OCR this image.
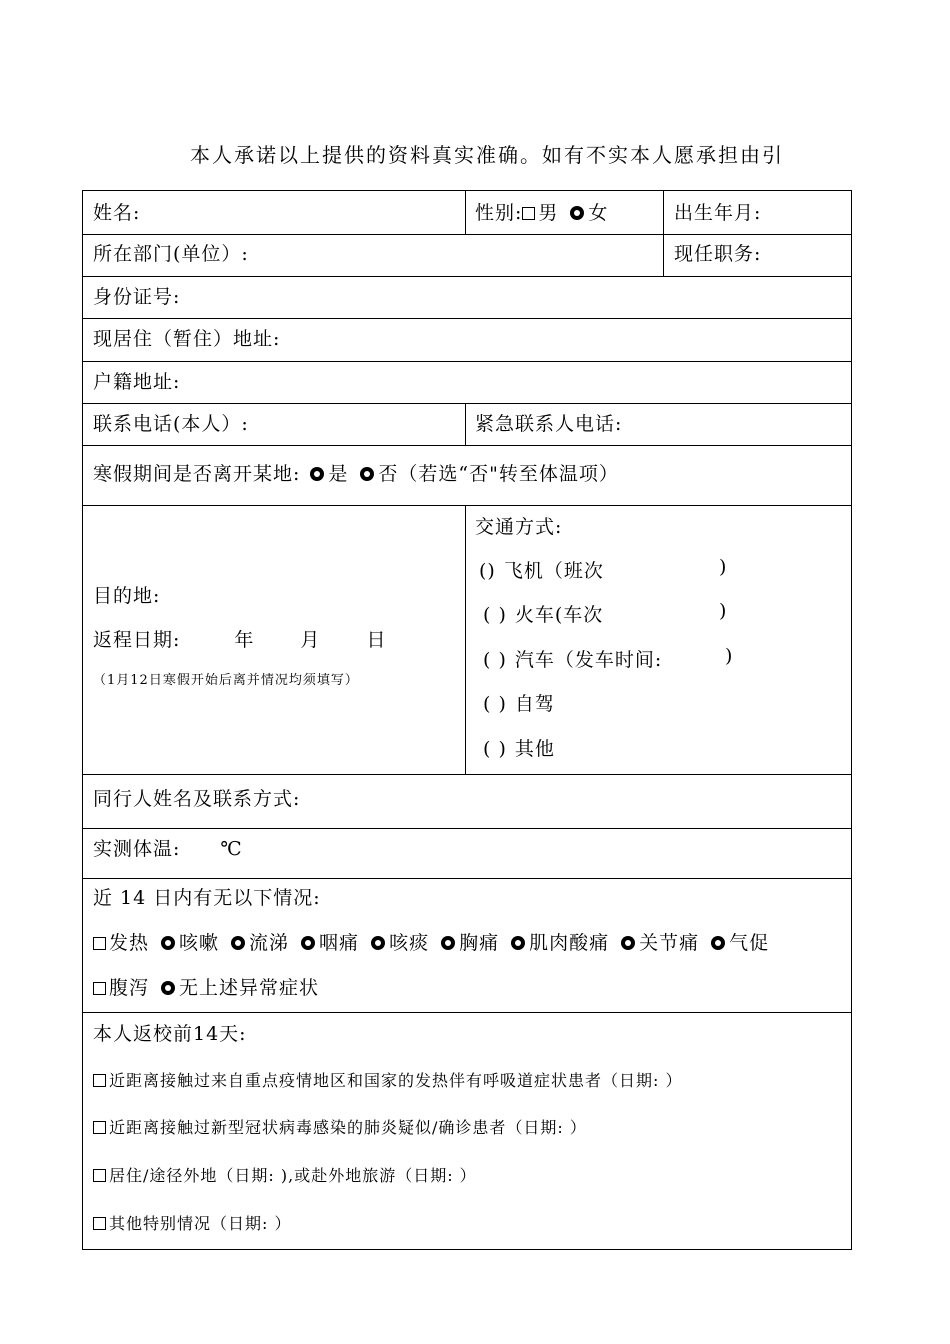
本人承诺以上提供的资料真实准确。如有不实本人愿承担由引
姓名:	性别: 男 女	出生年月:
所在部门(单位）:	现任职务:
身份证号:
现居住（暂住）地址:
户籍地址:
联系电话(本人）:	紧急联系人电话:
寒假期间是否离开某地: 是 否（若选“否"转至体温项）
目的地:
返程日期:	年 月 日
（1月12日寒假开始后离并情况均须填写）
交通方式:
() 飞机（班次	)
( ) 火车(车次	)
( ) 汽车（发车时间:	)
( ) 自驾
( ) 其他
同行人姓名及联系方式:
实测体温: ℃
近 14 日内有无以下情况:
发热 咳嗽 流涕 咽痛 咳痰 胸痛 肌肉酸痛 关节痛 气促
腹泻 无上述异常症状
本人返校前14天:
近距离接触过来自重点疫情地区和国家的发热伴有呼吸道症状患者（日期: ）
近距离接触过新型冠状病毒感染的肺炎疑似/确诊患者（日期: ）
居住/途径外地（日期: ),或赴外地旅游（日期: ）
其他特别情况（日期: ）
